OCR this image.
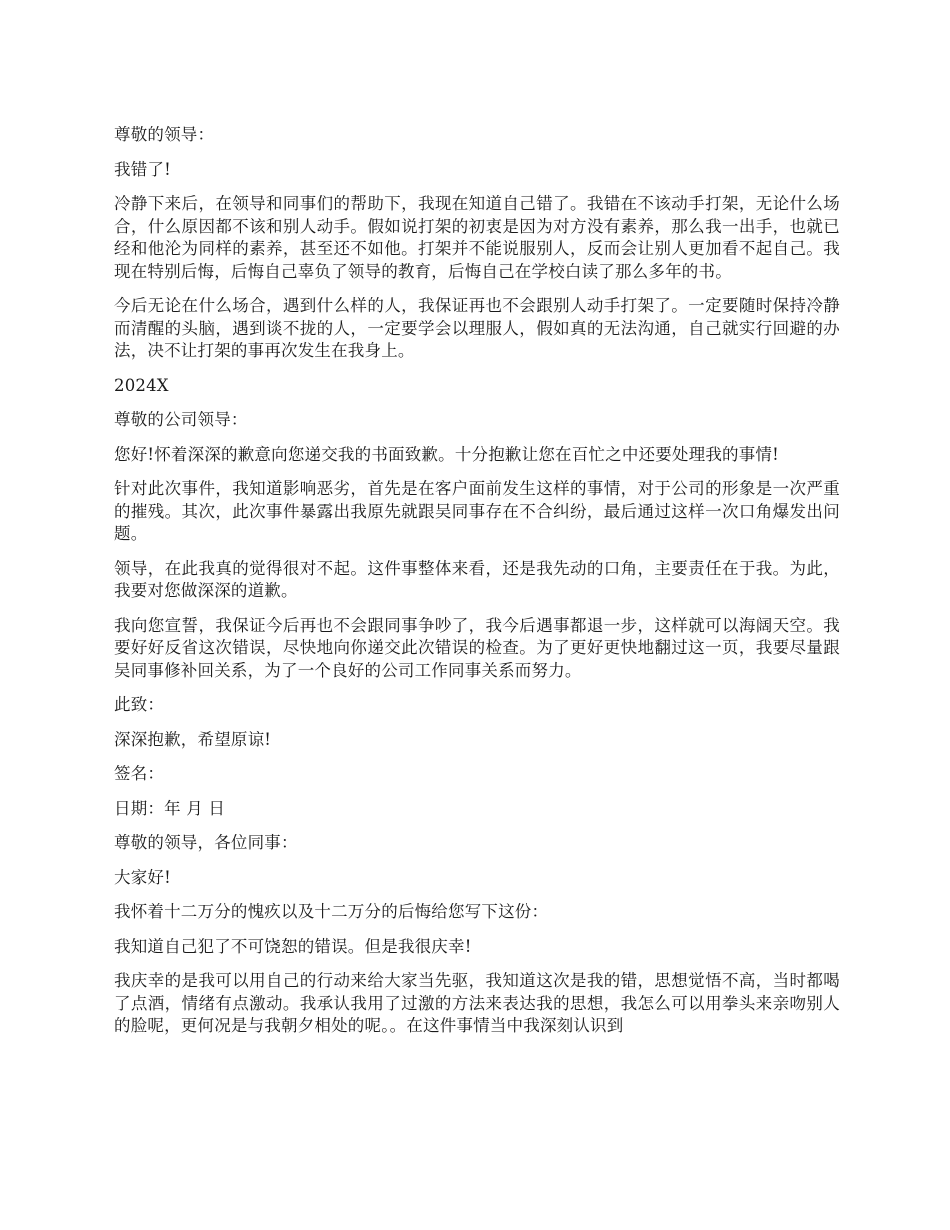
尊敬的领导：

我错了!

冷静下来后，在领导和同事们的帮助下，我现在知道自己错了。我错在不该动手打架，无论什么场合，什么原因都不该和别人动手。假如说打架的初衷是因为对方没有素养，那么我一出手，也就已经和他沦为同样的素养，甚至还不如他。打架并不能说服别人，反而会让别人更加看不起自己。我现在特别后悔，后悔自己辜负了领导的教育，后悔自己在学校白读了那么多年的书。

今后无论在什么场合，遇到什么样的人，我保证再也不会跟别人动手打架了。一定要随时保持冷静而清醒的头脑，遇到谈不拢的人，一定要学会以理服人，假如真的无法沟通，自己就实行回避的办法，决不让打架的事再次发生在我身上。

2024X

尊敬的公司领导：

您好!怀着深深的歉意向您递交我的书面致歉。十分抱歉让您在百忙之中还要处理我的事情!

针对此次事件，我知道影响恶劣，首先是在客户面前发生这样的事情，对于公司的形象是一次严重的摧残。其次，此次事件暴露出我原先就跟吴同事存在不合纠纷，最后通过这样一次口角爆发出问题。

领导，在此我真的觉得很对不起。这件事整体来看，还是我先动的口角，主要责任在于我。为此，我要对您做深深的道歉。

我向您宣誓，我保证今后再也不会跟同事争吵了，我今后遇事都退一步，这样就可以海阔天空。我要好好反省这次错误，尽快地向你递交此次错误的检查。为了更好更快地翻过这一页，我要尽量跟吴同事修补回关系，为了一个良好的公司工作同事关系而努力。

此致：

深深抱歉，希望原谅!

签名：

日期：年 月 日

尊敬的领导，各位同事：

大家好!

我怀着十二万分的愧疚以及十二万分的后悔给您写下这份：

我知道自己犯了不可饶恕的错误。但是我很庆幸!

我庆幸的是我可以用自己的行动来给大家当先驱，我知道这次是我的错，思想觉悟不高，当时都喝了点酒，情绪有点激动。我承认我用了过激的方法来表达我的思想，我怎么可以用拳头来亲吻别人的脸呢，更何况是与我朝夕相处的呢。。在这件事情当中我深刻认识到
